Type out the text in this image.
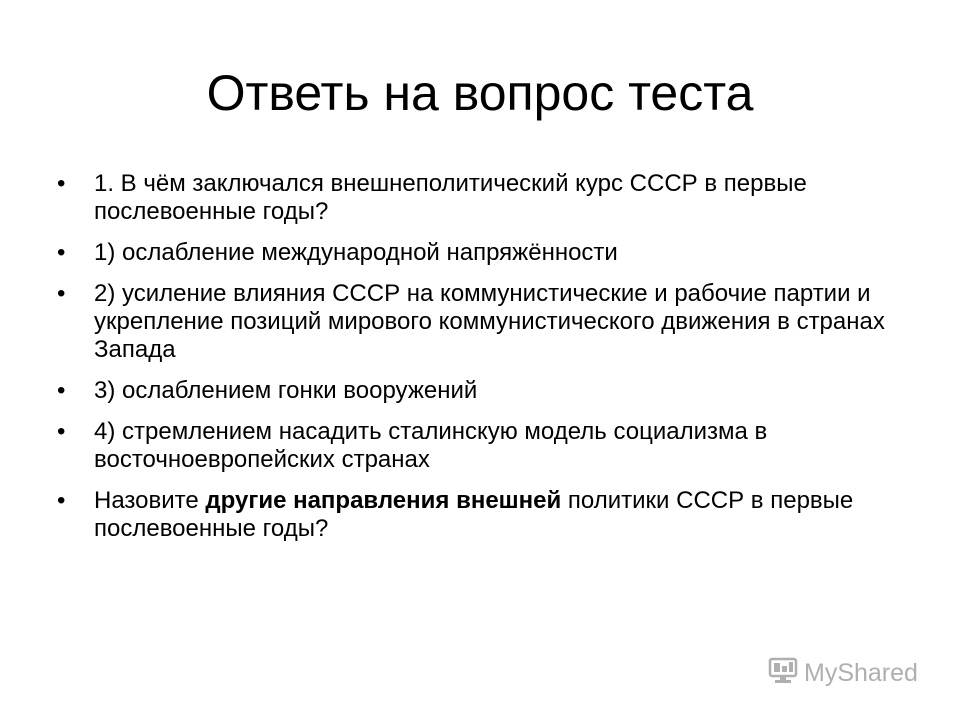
Ответь на вопрос теста
•	1. В чём заключался внешнеполитический курс СССР в первые послевоенные годы?
•	1) ослабление международной напряжённости
•	2) усиление влияния СССР на коммунистические и рабочие партии и укрепление позиций мирового коммунистического движения в странах Запада
•	3) ослаблением гонки вооружений
•	4) стремлением насадить сталинскую модель социализма в восточноевропейских странах
•	Назовите другие направления внешней политики СССР в первые послевоенные годы?
MyShared
